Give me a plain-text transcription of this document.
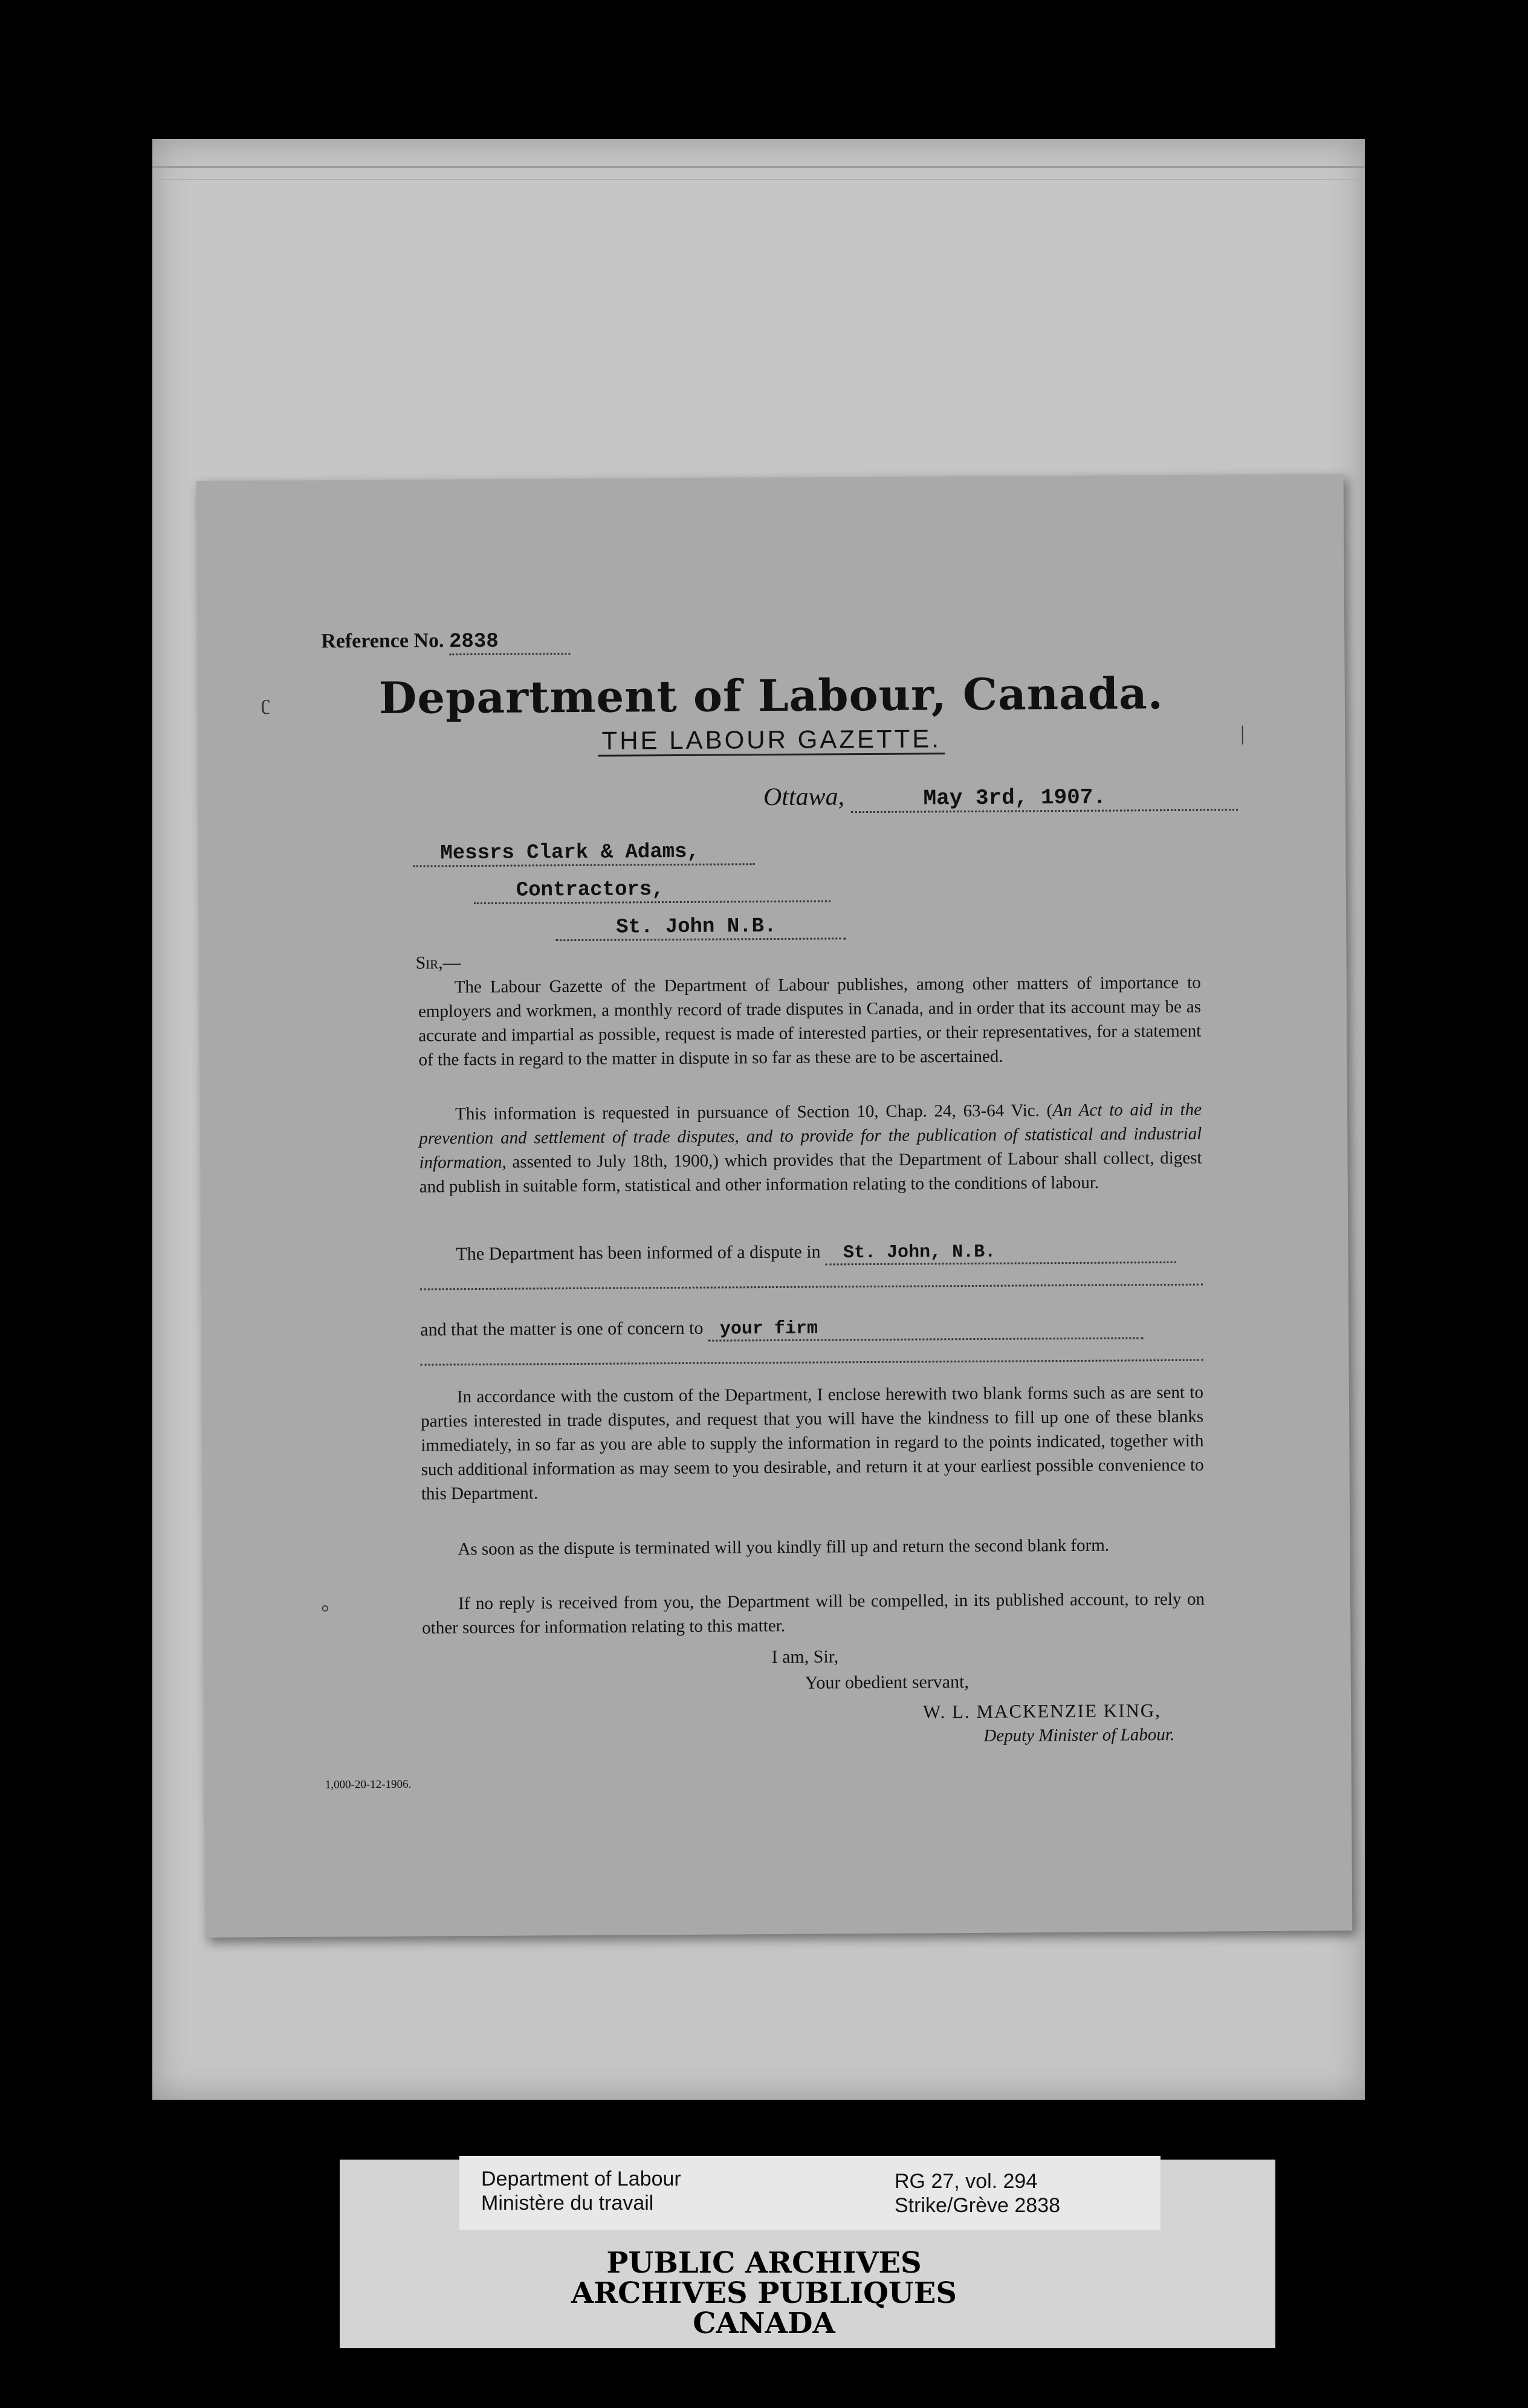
Reference No. 2838
Department of Labour, Canada.
THE LABOUR GAZETTE.
Ottawa,	May 3rd, 1907.
Messrs Clark & Adams,
Contractors,
St. John N.B.
Sir,—

The Labour Gazette of the Department of Labour publishes, among other matters of importance to employers and workmen, a monthly record of trade disputes in Canada, and in order that its account may be as accurate and impartial as possible, request is made of interested parties, or their representatives, for a statement of the facts in regard to the matter in dispute in so far as these are to be ascertained.

This information is requested in pursuance of Section 10, Chap. 24, 63-64 Vic. (An Act to aid in the prevention and settlement of trade disputes, and to provide for the publication of statistical and industrial information, assented to July 18th, 1900,) which provides that the Department of Labour shall collect, digest and publish in suitable form, statistical and other information relating to the conditions of labour.

The Department has been informed of a dispute in St. John, N.B.
and that the matter is one of concern to your firm

In accordance with the custom of the Department, I enclose herewith two blank forms such as are sent to parties interested in trade disputes, and request that you will have the kindness to fill up one of these blanks immediately, in so far as you are able to supply the information in regard to the points indicated, together with such additional information as may seem to you desirable, and return it at your earliest possible convenience to this Department.

As soon as the dispute is terminated will you kindly fill up and return the second blank form.

If no reply is received from you, the Department will be compelled, in its published account, to rely on other sources for information relating to this matter.

I am, Sir,
Your obedient servant,
W. L. MACKENZIE KING,
Deputy Minister of Labour.
1,000-20-12-1906.
ʗ
|
°
Department of Labour
Ministère du travail
RG 27, vol. 294
Strike/Grève 2838
PUBLIC ARCHIVES
ARCHIVES PUBLIQUES
CANADA
